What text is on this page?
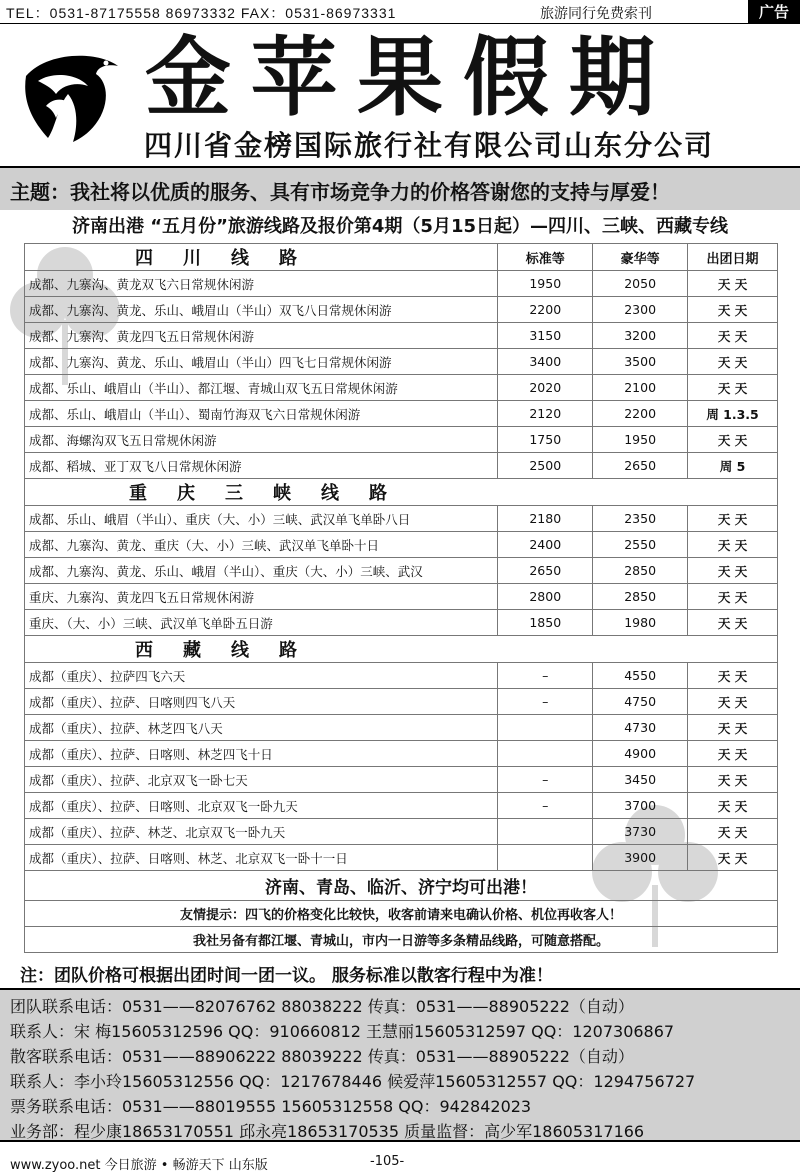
TEL：0531-87175558 86973332 FAX：0531-86973331	旅游同行免费索刊	广告
金苹果假期
四川省金榜国际旅行社有限公司山东分公司
主题：我社将以优质的服务、具有市场竞争力的价格答谢您的支持与厚爱！
济南出港 “五月份”旅游线路及报价第4期（5月15日起）—四川、三峡、西藏专线
四川线路	标准等	豪华等	出团日期
成都、九寨沟、黄龙双飞六日常规休闲游	1950	2050	天 天
成都、九寨沟、黄龙、乐山、峨眉山（半山）双飞八日常规休闲游	2200	2300	天 天
成都、九寨沟、黄龙四飞五日常规休闲游	3150	3200	天 天
成都、九寨沟、黄龙、乐山、峨眉山（半山）四飞七日常规休闲游	3400	3500	天 天
成都、乐山、峨眉山（半山）、都江堰、青城山双飞五日常规休闲游	2020	2100	天 天
成都、乐山、峨眉山（半山）、蜀南竹海双飞六日常规休闲游	2120	2200	周 1.3.5
成都、海螺沟双飞五日常规休闲游	1750	1950	天 天
成都、稻城、亚丁双飞八日常规休闲游	2500	2650	周 5
重庆三峡线路			
成都、乐山、峨眉（半山）、重庆（大、小）三峡、武汉单飞单卧八日	2180	2350	天 天
成都、九寨沟、黄龙、重庆（大、小）三峡、武汉单飞单卧十日	2400	2550	天 天
成都、九寨沟、黄龙、乐山、峨眉（半山）、重庆（大、小）三峡、武汉	2650	2850	天 天
重庆、九寨沟、黄龙四飞五日常规休闲游	2800	2850	天 天
重庆、（大、小）三峡、武汉单飞单卧五日游	1850	1980	天 天
西藏线路			
成都（重庆）、拉萨四飞六天	–	4550	天 天
成都（重庆）、拉萨、日喀则四飞八天	–	4750	天 天
成都（重庆）、拉萨、林芝四飞八天		4730	天 天
成都（重庆）、拉萨、日喀则、林芝四飞十日		4900	天 天
成都（重庆）、拉萨、北京双飞一卧七天	–	3450	天 天
成都（重庆）、拉萨、日喀则、北京双飞一卧九天	–	3700	天 天
成都（重庆）、拉萨、林芝、北京双飞一卧九天		3730	天 天
成都（重庆）、拉萨、日喀则、林芝、北京双飞一卧十一日		3900	天 天
济南、青岛、临沂、济宁均可出港！			
友情提示：四飞的价格变化比较快，收客前请来电确认价格、机位再收客人！			
我社另备有都江堰、青城山，市内一日游等多条精品线路，可随意搭配。			
注：团队价格可根据出团时间一团一议。 服务标准以散客行程中为准！
团队联系电话：0531——82076762 88038222 传真：0531——88905222（自动）
联系人：宋 梅15605312596 QQ：910660812 王慧丽15605312597 QQ：1207306867
散客联系电话：0531——88906222 88039222 传真：0531——88905222（自动）
联系人：李小玲15605312556 QQ：1217678446 候爱萍15605312557 QQ：1294756727
票务联系电话：0531——88019555 15605312558 QQ：942842023
业务部：程少康18653170551 邱永亮18653170535 质量监督：高少军18605317166
www.zyoo.net 今日旅游 • 畅游天下 山东版	-105-
